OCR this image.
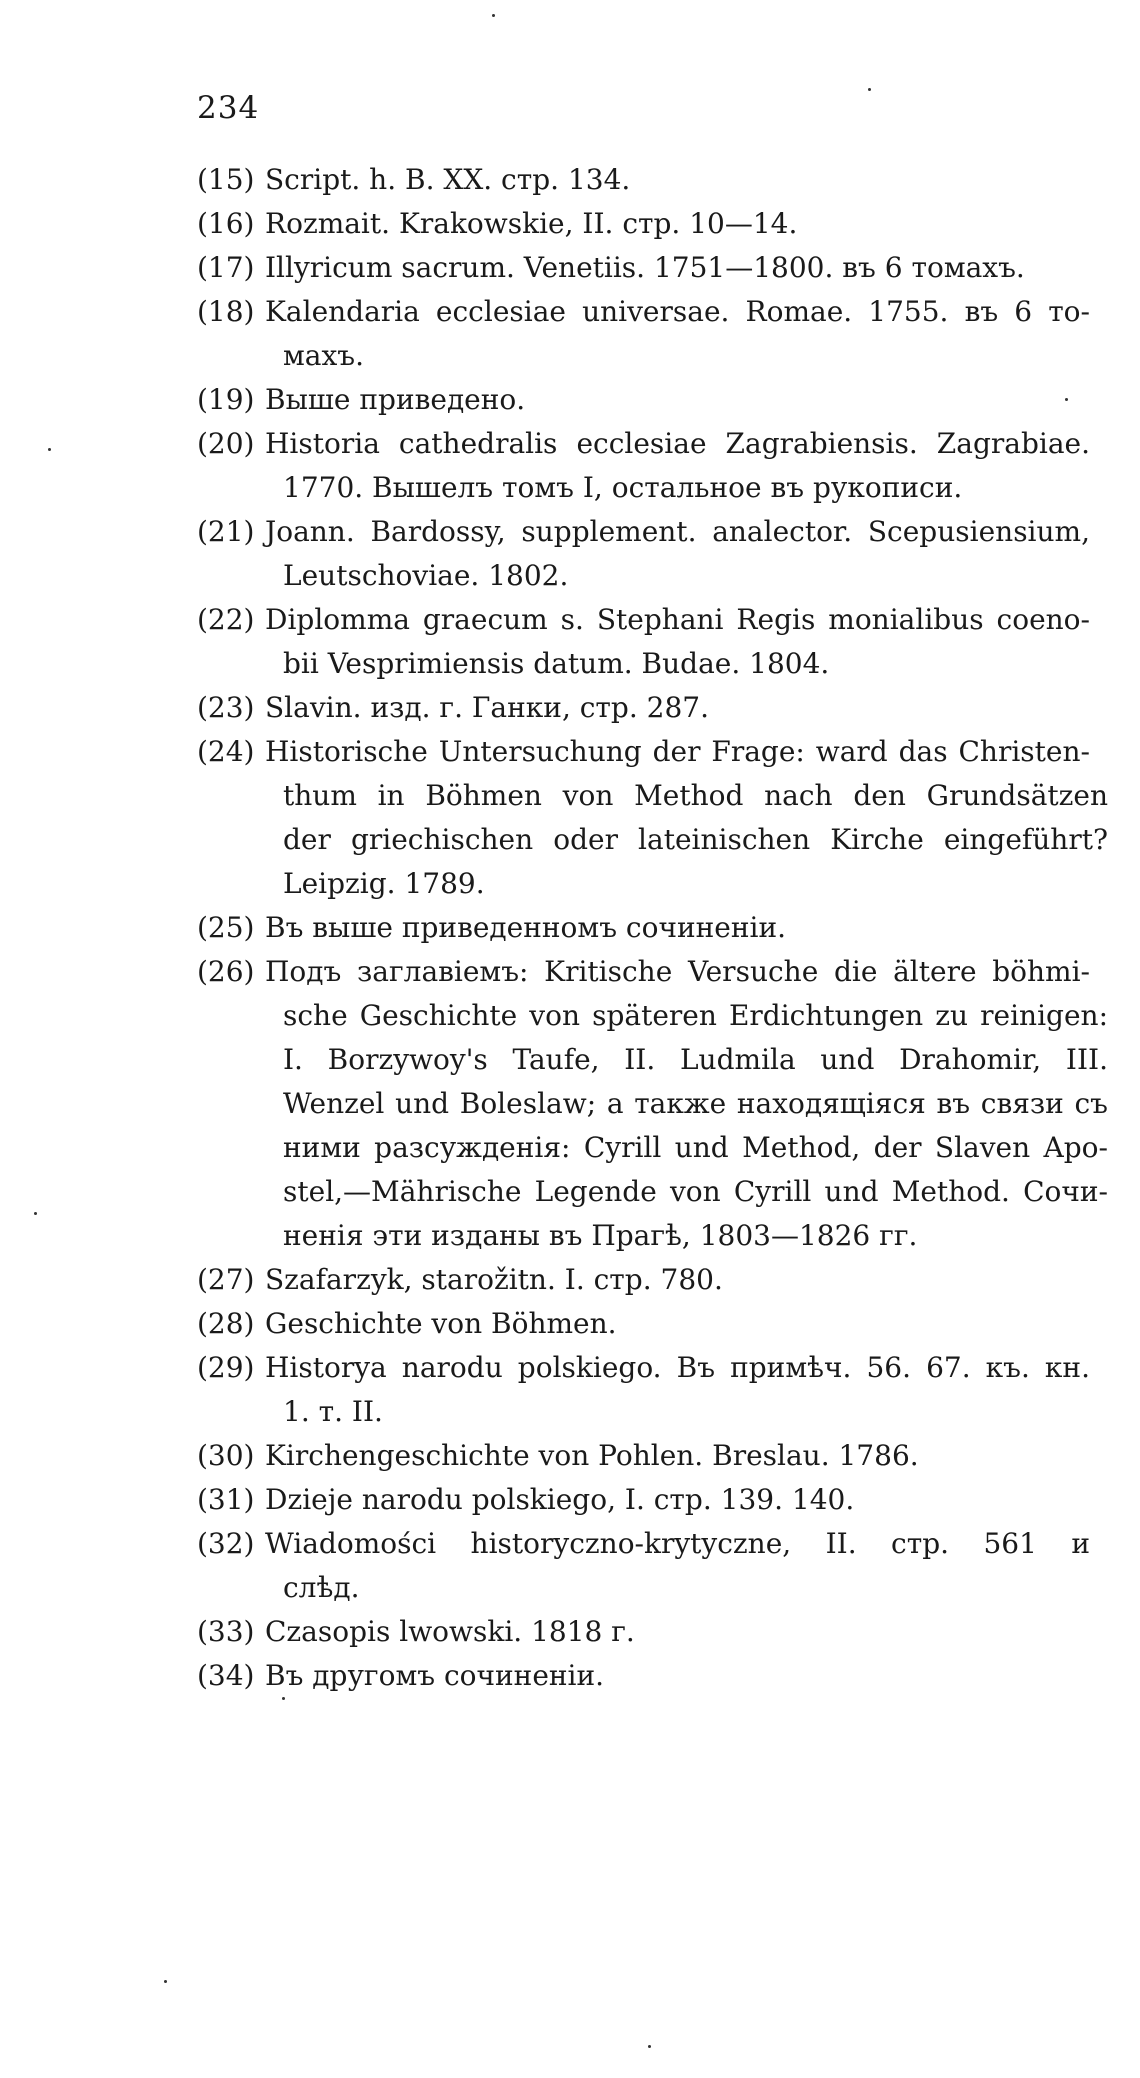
234
(15) Script. h. B. XX. стр. 134.
(16) Rozmait. Krakowskie, II. стр. 10—14.
(17) Illyricum sacrum. Venetiis. 1751—1800. въ 6 томахъ.
(18) Kalendaria ecclesiae universae. Romae. 1755. въ 6 то-
махъ.
(19) Выше приведено.
(20) Historia cathedralis ecclesiae Zagrabiensis. Zagrabiae.
1770. Вышелъ томъ I, остальное въ рукописи.
(21) Joann. Bardossy, supplement. analector. Scepusiensium,
Leutschoviae. 1802.
(22) Diplomma graecum s. Stephani Regis monialibus coeno-
bii Vesprimiensis datum. Budae. 1804.
(23) Slavin. изд. г. Ганки, стр. 287.
(24) Historische Untersuchung der Frage: ward das Christen-
thum in Böhmen von Method nach den Grundsätzen
der griechischen oder lateinischen Kirche eingeführt?
Leipzig. 1789.
(25) Въ выше приведенномъ сочиненіи.
(26) Подъ заглавіемъ: Kritische Versuche die ältere böhmi-
sche Geschichte von späteren Erdichtungen zu reinigen:
I. Borzywoy's Taufe, II. Ludmila und Drahomir, III.
Wenzel und Boleslaw; а также находящіяся въ связи съ
ними разсужденія: Cyrill und Method, der Slaven Apo-
stel,—Mährische Legende von Cyrill und Method. Сочи-
ненія эти изданы въ Прагѣ, 1803—1826 гг.
(27) Szafarzyk, starožitn. I. стр. 780.
(28) Geschichte von Böhmen.
(29) Historya narodu polskiego. Въ примѣч. 56. 67. къ. кн.
1. т. II.
(30) Kirchengeschichte von Pohlen. Breslau. 1786.
(31) Dzieje narodu polskiego, I. стр. 139. 140.
(32) Wiadomości historyczno-krytyczne, II. стр. 561 и
слѣд.
(33) Czasopis lwowski. 1818 г.
(34) Въ другомъ сочиненіи.
